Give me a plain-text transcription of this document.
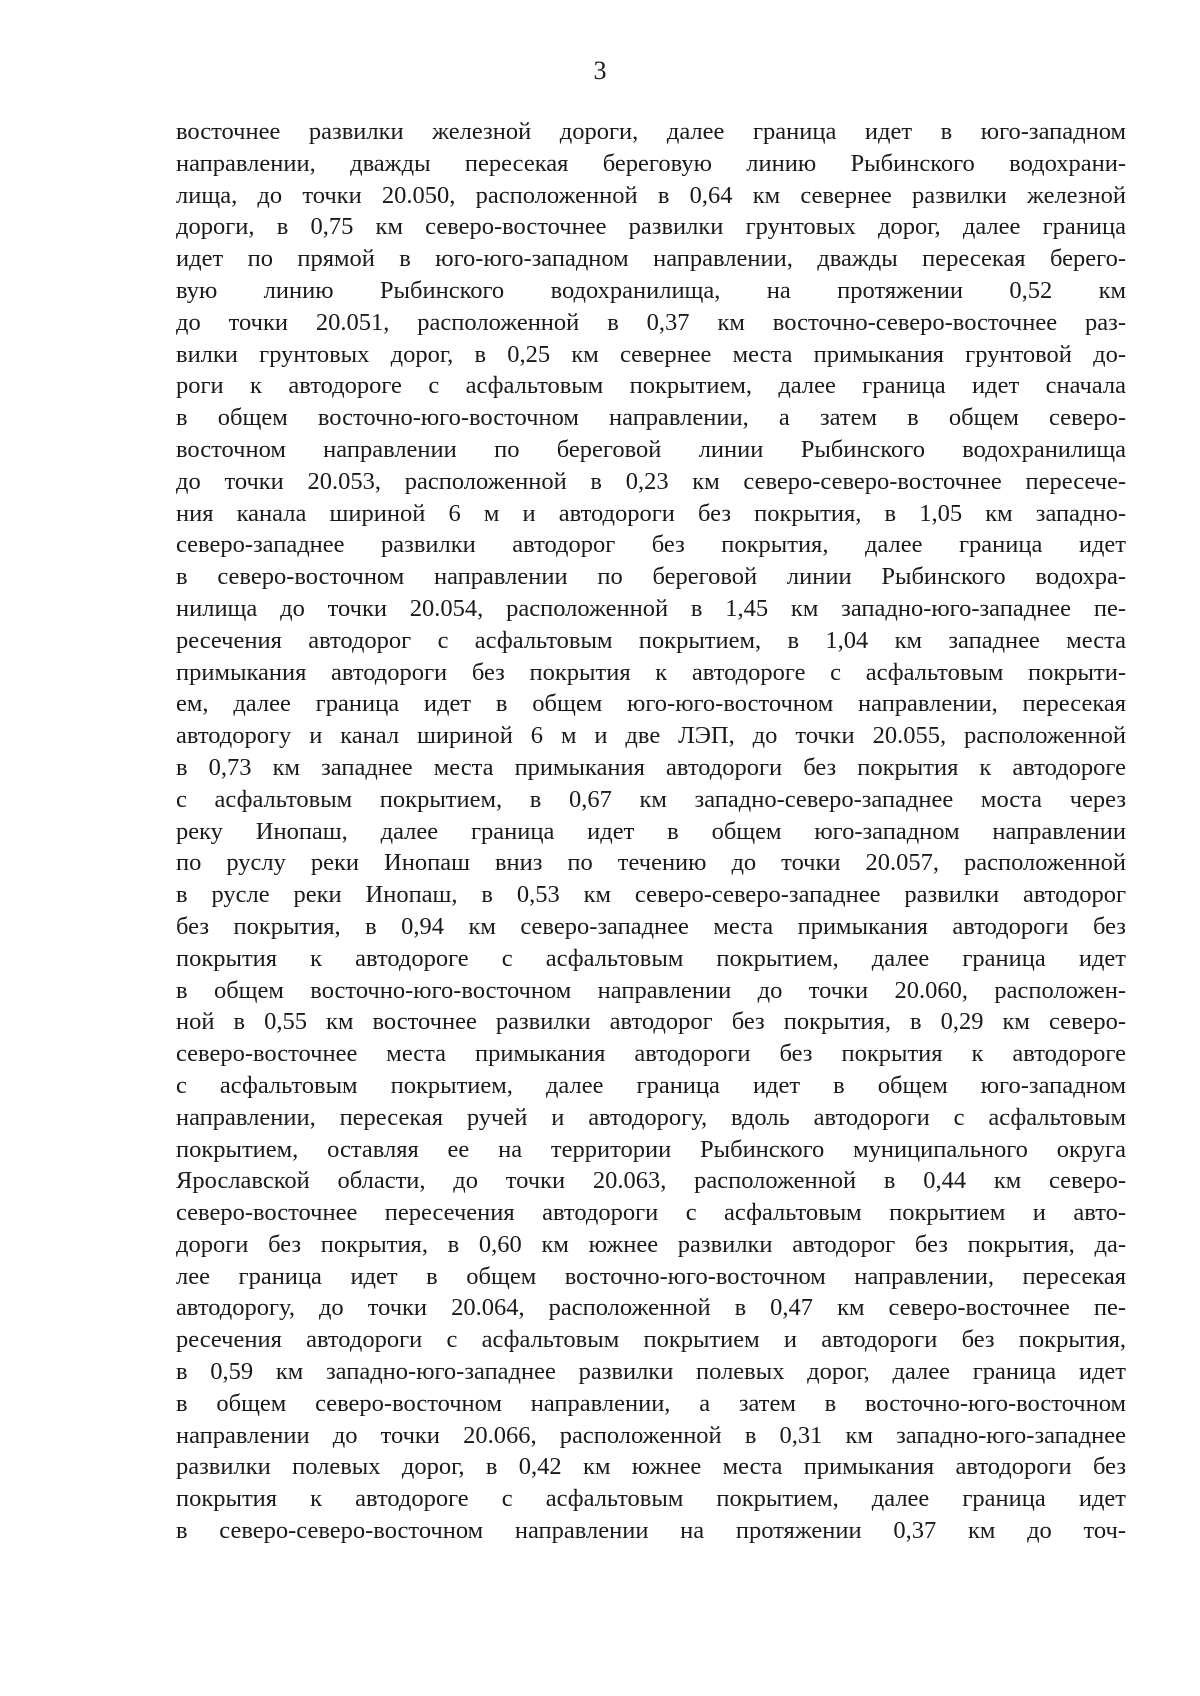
3
восточнее развилки железной дороги, далее граница идет в юго-западном
направлении, дважды пересекая береговую линию Рыбинского водохрани-
лища, до точки 20.050, расположенной в 0,64 км севернее развилки железной
дороги, в 0,75 км северо-восточнее развилки грунтовых дорог, далее граница
идет по прямой в юго-юго-западном направлении, дважды пересекая берего-
вую линию Рыбинского водохранилища, на протяжении 0,52 км
до точки 20.051, расположенной в 0,37 км восточно-северо-восточнее раз-
вилки грунтовых дорог, в 0,25 км севернее места примыкания грунтовой до-
роги к автодороге с асфальтовым покрытием, далее граница идет сначала
в общем восточно-юго-восточном направлении, а затем в общем северо-
восточном направлении по береговой линии Рыбинского водохранилища
до точки 20.053, расположенной в 0,23 км северо-северо-восточнее пересече-
ния канала шириной 6 м и автодороги без покрытия, в 1,05 км западно-
северо-западнее развилки автодорог без покрытия, далее граница идет
в северо-восточном направлении по береговой линии Рыбинского водохра-
нилища до точки 20.054, расположенной в 1,45 км западно-юго-западнее пе-
ресечения автодорог с асфальтовым покрытием, в 1,04 км западнее места
примыкания автодороги без покрытия к автодороге с асфальтовым покрыти-
ем, далее граница идет в общем юго-юго-восточном направлении, пересекая
автодорогу и канал шириной 6 м и две ЛЭП, до точки 20.055, расположенной
в 0,73 км западнее места примыкания автодороги без покрытия к автодороге
с асфальтовым покрытием, в 0,67 км западно-северо-западнее моста через
реку Инопаш, далее граница идет в общем юго-западном направлении
по руслу реки Инопаш вниз по течению до точки 20.057, расположенной
в русле реки Инопаш, в 0,53 км северо-северо-западнее развилки автодорог
без покрытия, в 0,94 км северо-западнее места примыкания автодороги без
покрытия к автодороге с асфальтовым покрытием, далее граница идет
в общем восточно-юго-восточном направлении до точки 20.060, расположен-
ной в 0,55 км восточнее развилки автодорог без покрытия, в 0,29 км северо-
северо-восточнее места примыкания автодороги без покрытия к автодороге
с асфальтовым покрытием, далее граница идет в общем юго-западном
направлении, пересекая ручей и автодорогу, вдоль автодороги с асфальтовым
покрытием, оставляя ее на территории Рыбинского муниципального округа
Ярославской области, до точки 20.063, расположенной в 0,44 км северо-
северо-восточнее пересечения автодороги с асфальтовым покрытием и авто-
дороги без покрытия, в 0,60 км южнее развилки автодорог без покрытия, да-
лее граница идет в общем восточно-юго-восточном направлении, пересекая
автодорогу, до точки 20.064, расположенной в 0,47 км северо-восточнее пе-
ресечения автодороги с асфальтовым покрытием и автодороги без покрытия,
в 0,59 км западно-юго-западнее развилки полевых дорог, далее граница идет
в общем северо-восточном направлении, а затем в восточно-юго-восточном
направлении до точки 20.066, расположенной в 0,31 км западно-юго-западнее
развилки полевых дорог, в 0,42 км южнее места примыкания автодороги без
покрытия к автодороге с асфальтовым покрытием, далее граница идет
в северо-северо-восточном направлении на протяжении 0,37 км до точ-
